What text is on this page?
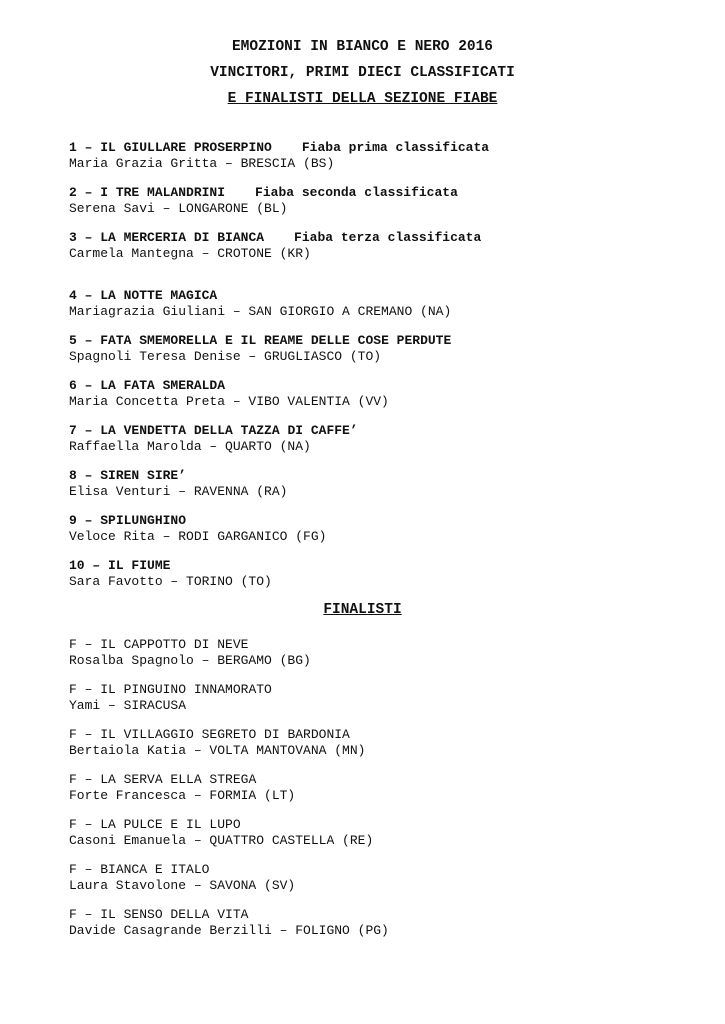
EMOZIONI IN BIANCO E NERO 2016
VINCITORI, PRIMI DIECI CLASSIFICATI
E FINALISTI DELLA SEZIONE FIABE
1 – IL GIULLARE PROSERPINO Fiaba prima classificata
Maria Grazia Gritta – BRESCIA (BS)
2 – I TRE MALANDRINI Fiaba seconda classificata
Serena Savi – LONGARONE (BL)
3 – LA MERCERIA DI BIANCA Fiaba terza classificata
Carmela Mantegna – CROTONE (KR)
4 – LA NOTTE MAGICA
Mariagrazia Giuliani – SAN GIORGIO A CREMANO (NA)
5 – FATA SMEMORELLA E IL REAME DELLE COSE PERDUTE
Spagnoli Teresa Denise – GRUGLIASCO (TO)
6 – LA FATA SMERALDA
Maria Concetta Preta – VIBO VALENTIA (VV)
7 – LA VENDETTA DELLA TAZZA DI CAFFE’
Raffaella Marolda – QUARTO (NA)
8 – SIREN SIRE’
Elisa Venturi – RAVENNA (RA)
9 – SPILUNGHINO
Veloce Rita – RODI GARGANICO (FG)
10 – IL FIUME
Sara Favotto – TORINO (TO)
FINALISTI
F – IL CAPPOTTO DI NEVE
Rosalba Spagnolo – BERGAMO (BG)
F – IL PINGUINO INNAMORATO
Yami – SIRACUSA
F – IL VILLAGGIO SEGRETO DI BARDONIA
Bertaiola Katia – VOLTA MANTOVANA (MN)
F – LA SERVA ELLA STREGA
Forte Francesca – FORMIA (LT)
F – LA PULCE E IL LUPO
Casoni Emanuela – QUATTRO CASTELLA (RE)
F – BIANCA E ITALO
Laura Stavolone – SAVONA (SV)
F – IL SENSO DELLA VITA
Davide Casagrande Berzilli – FOLIGNO (PG)
